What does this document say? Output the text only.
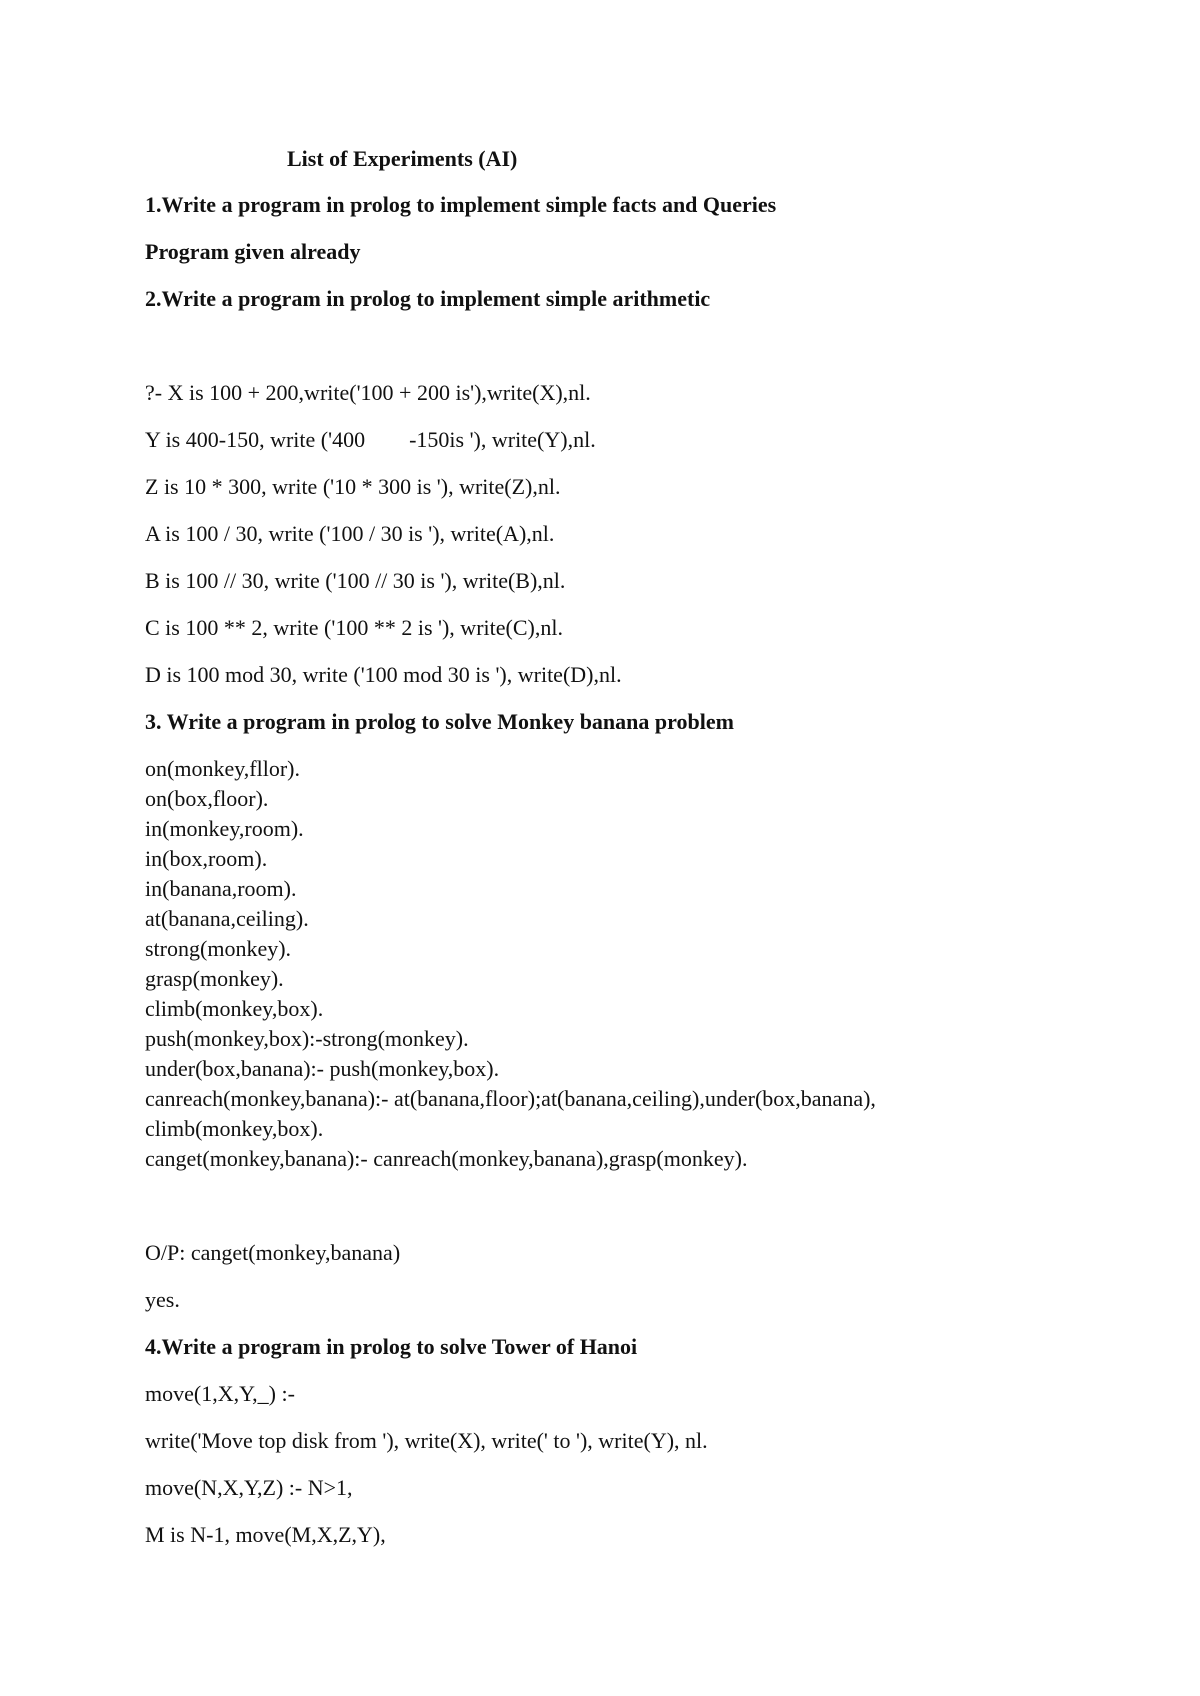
List of Experiments (AI)
1.Write a program in prolog to implement simple facts and Queries
Program given already
2.Write a program in prolog to implement simple arithmetic
?- X is 100 + 200,write('100 + 200 is'),write(X),nl.
Y is 400-150, write ('400        -150is '), write(Y),nl.
Z is 10 * 300, write ('10 * 300 is '), write(Z),nl.
A is 100 / 30, write ('100 / 30 is '), write(A),nl.
B is 100 // 30, write ('100 // 30 is '), write(B),nl.
C is 100 ** 2, write ('100 ** 2 is '), write(C),nl.
D is 100 mod 30, write ('100 mod 30 is '), write(D),nl.
3. Write a program in prolog to solve Monkey banana problem
on(monkey,fllor).
on(box,floor).
in(monkey,room).
in(box,room).
in(banana,room).
at(banana,ceiling).
strong(monkey).
grasp(monkey).
climb(monkey,box).
push(monkey,box):-strong(monkey).
under(box,banana):- push(monkey,box).
canreach(monkey,banana):- at(banana,floor);at(banana,ceiling),under(box,banana),
climb(monkey,box).
canget(monkey,banana):- canreach(monkey,banana),grasp(monkey).
O/P: canget(monkey,banana)
yes.
4.Write a program in prolog to solve Tower of Hanoi
move(1,X,Y,_) :-
write('Move top disk from '), write(X), write(' to '), write(Y), nl.
move(N,X,Y,Z) :- N>1,
M is N-1, move(M,X,Z,Y),
